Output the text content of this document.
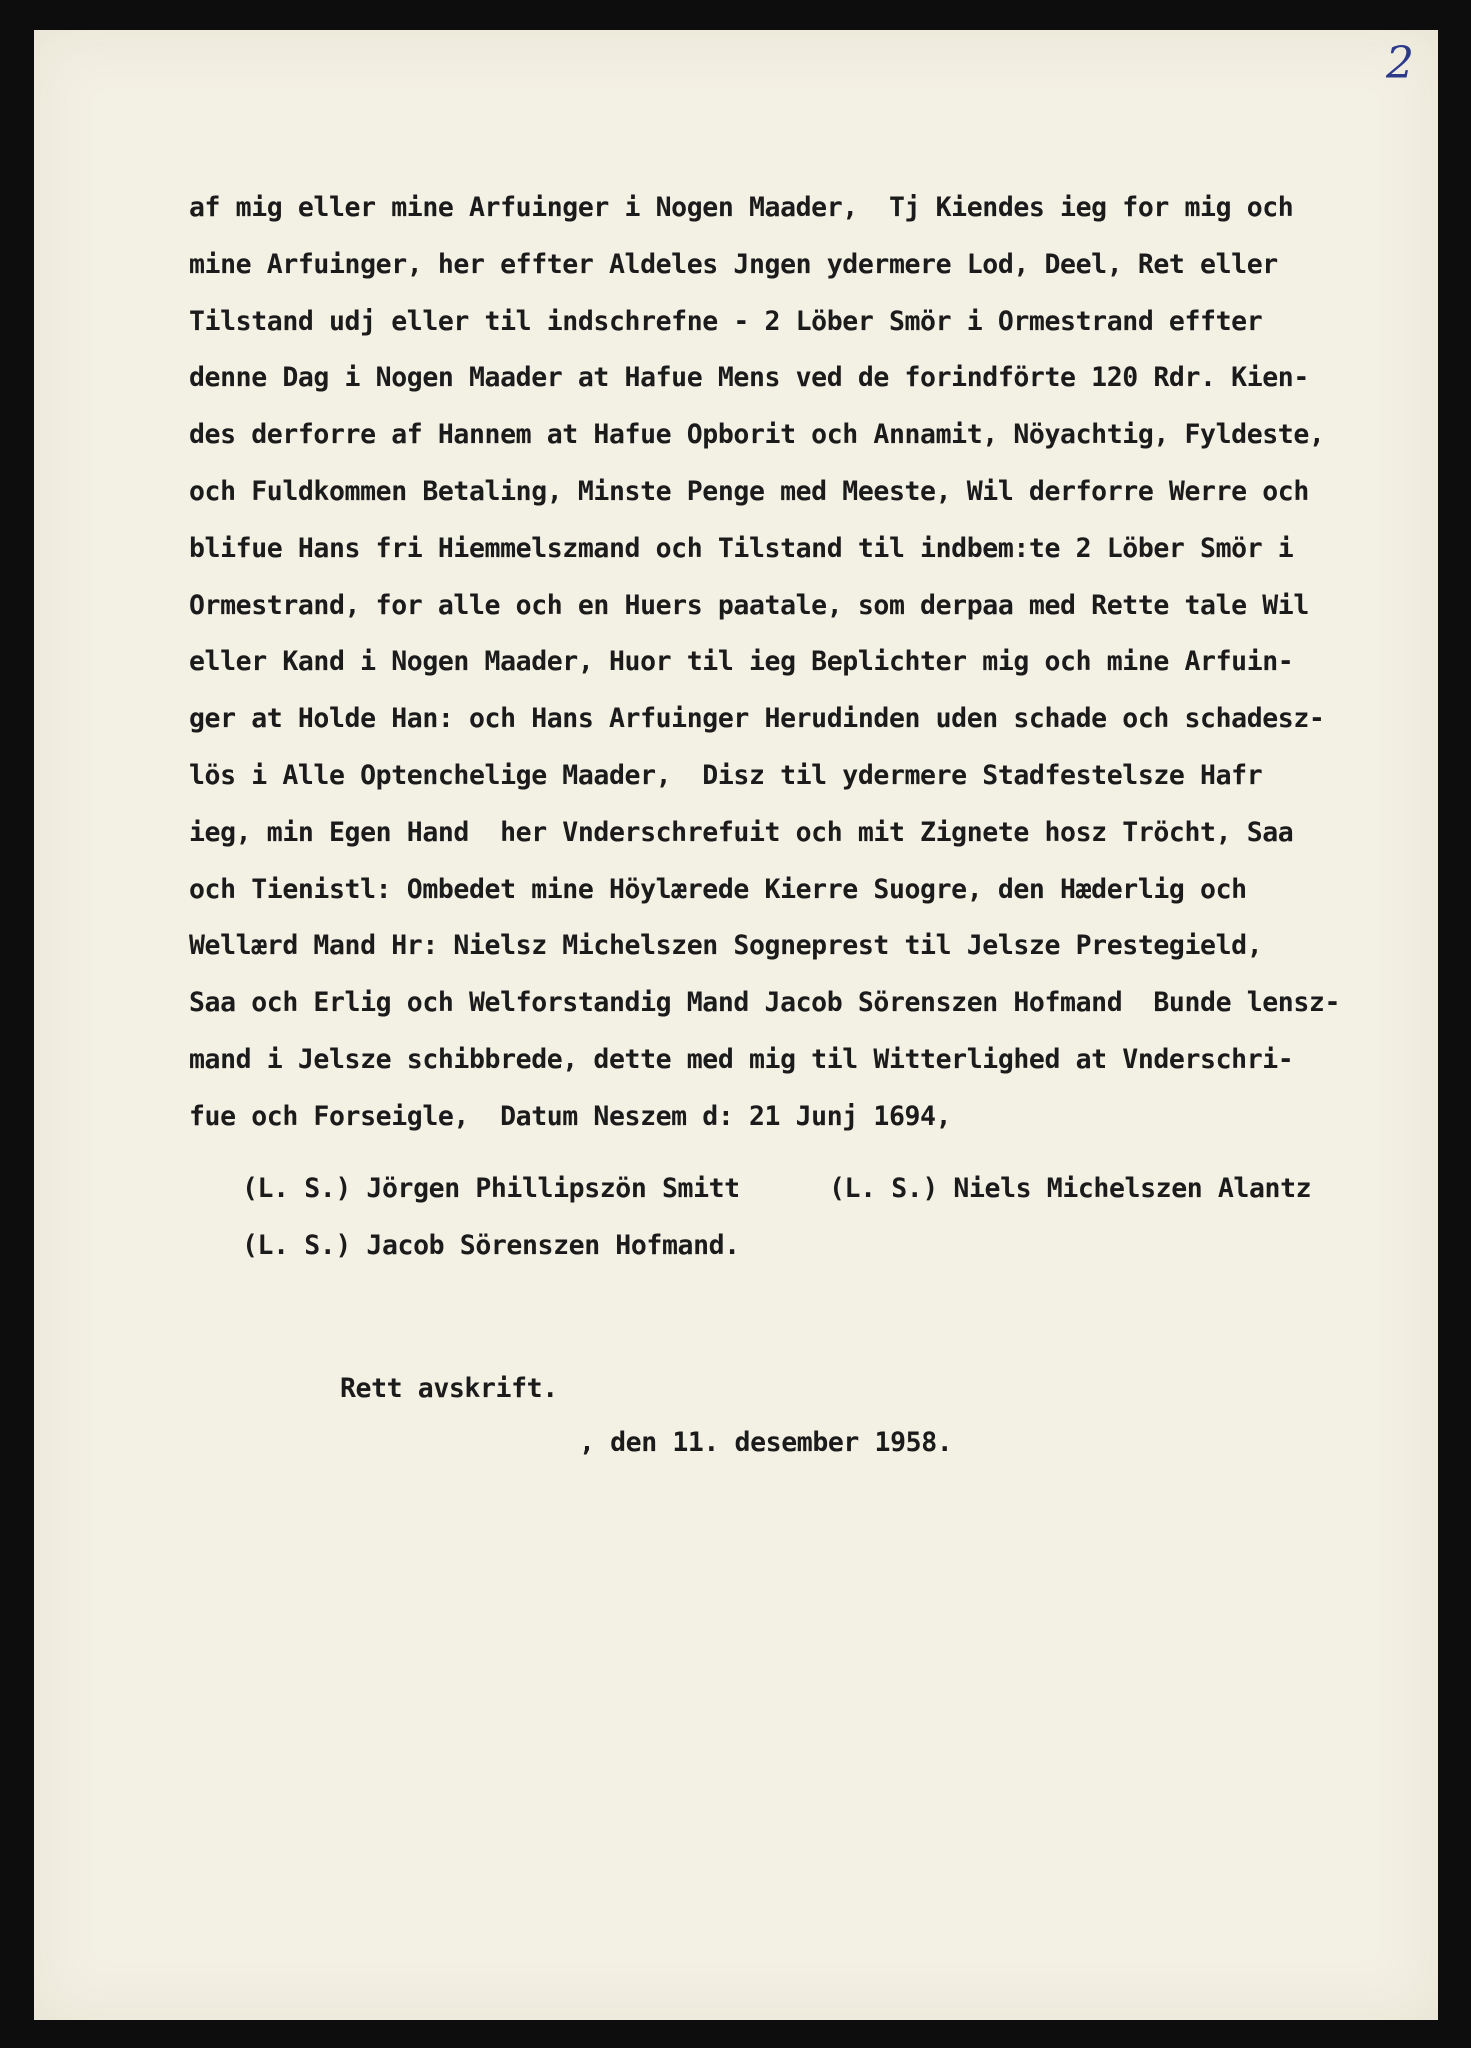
2
af mig eller mine Arfuinger i Nogen Maader,  Tj Kiendes ieg for mig och
mine Arfuinger, her effter Aldeles Jngen ydermere Lod, Deel, Ret eller
Tilstand udj eller til indschrefne - 2 Löber Smör i Ormestrand effter
denne Dag i Nogen Maader at Hafue Mens ved de forindförte 120 Rdr. Kien-
des derforre af Hannem at Hafue Opborit och Annamit, Nöyachtig, Fyldeste,
och Fuldkommen Betaling, Minste Penge med Meeste, Wil derforre Werre och
blifue Hans fri Hiemmelszmand och Tilstand til indbem:te 2 Löber Smör i
Ormestrand, for alle och en Huers paatale, som derpaa med Rette tale Wil
eller Kand i Nogen Maader, Huor til ieg Beplichter mig och mine Arfuin-
ger at Holde Han: och Hans Arfuinger Herudinden uden schade och schadesz-
lös i Alle Optenchelige Maader,  Disz til ydermere Stadfestelsze Hafr
ieg, min Egen Hand  her Vnderschrefuit och mit Zignete hosz Tröcht, Saa
och Tienistl: Ombedet mine Höylærede Kierre Suogre, den Hæderlig och
Wellærd Mand Hr: Nielsz Michelszen Sogneprest til Jelsze Prestegield,
Saa och Erlig och Welforstandig Mand Jacob Sörenszen Hofmand  Bunde lensz-
mand i Jelsze schibbrede, dette med mig til Witterlighed at Vnderschri-
fue och Forseigle,  Datum Neszem d: 21 Junj 1694,
(L. S.) Jörgen Phillipszön Smitt	(L. S.) Niels Michelszen Alantz
(L. S.) Jacob Sörenszen Hofmand.
Rett avskrift.
, den 11. desember 1958.
